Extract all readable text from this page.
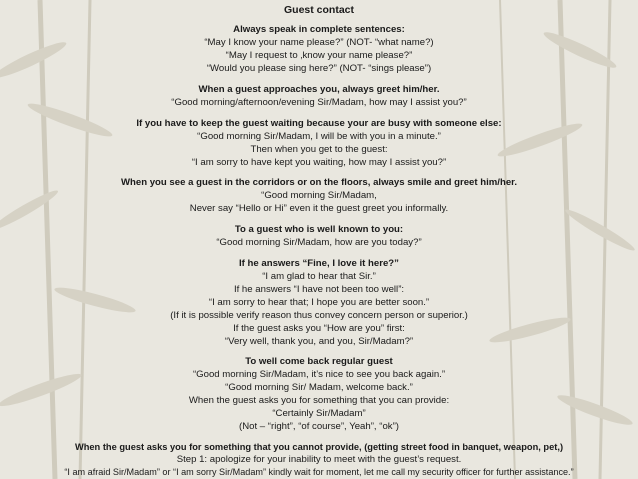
Guest contact
Always speak in complete sentences:
“May I know your name please?” (NOT- “what name?)
“May I request to ‚know your name please?”
“Would you please sing here?” (NOT- “sings please”)
When a guest approaches you, always greet him/her.
“Good morning/afternoon/evening Sir/Madam, how may I assist you?”
If you have to keep the guest waiting because your are busy with someone else:
“Good morning Sir/Madam, I will be with you in a minute.”
Then when you get to the guest:
“I am sorry to have kept you waiting, how may I assist you?”
When you see a guest in the corridors or on the floors, always smile and greet him/her.
“Good morning Sir/Madam,
Never say “Hello or Hi” even it the guest greet you informally.
To a guest who is well known to you:
“Good morning Sir/Madam, how are you today?”
If he answers “Fine, I love it here?”
“I am glad to hear that Sir.”
If he answers “I have not been too well”:
“I am sorry to hear that; I hope you are better soon.”
(If it is possible verify reason thus convey concern person or superior.)
If the guest asks you “How are you” first:
“Very well, thank you, and you, Sir/Madam?”
To well come back regular guest
“Good morning Sir/Madam, it’s nice to see you back again.”
“Good morning Sir/ Madam, welcome back.”
When the guest asks you for something that you can provide:
“Certainly Sir/Madam”
(Not – “right”, “of course”, Yeah”, “ok”)
When the guest asks you for something that you cannot provide, (getting street food in banquet, weapon, pet,)
Step 1: apologize for your inability to meet with the guest’s request.
“I am afraid Sir/Madam” or “I am sorry Sir/Madam” kindly wait for moment, let me call my security officer for further assistance.”
